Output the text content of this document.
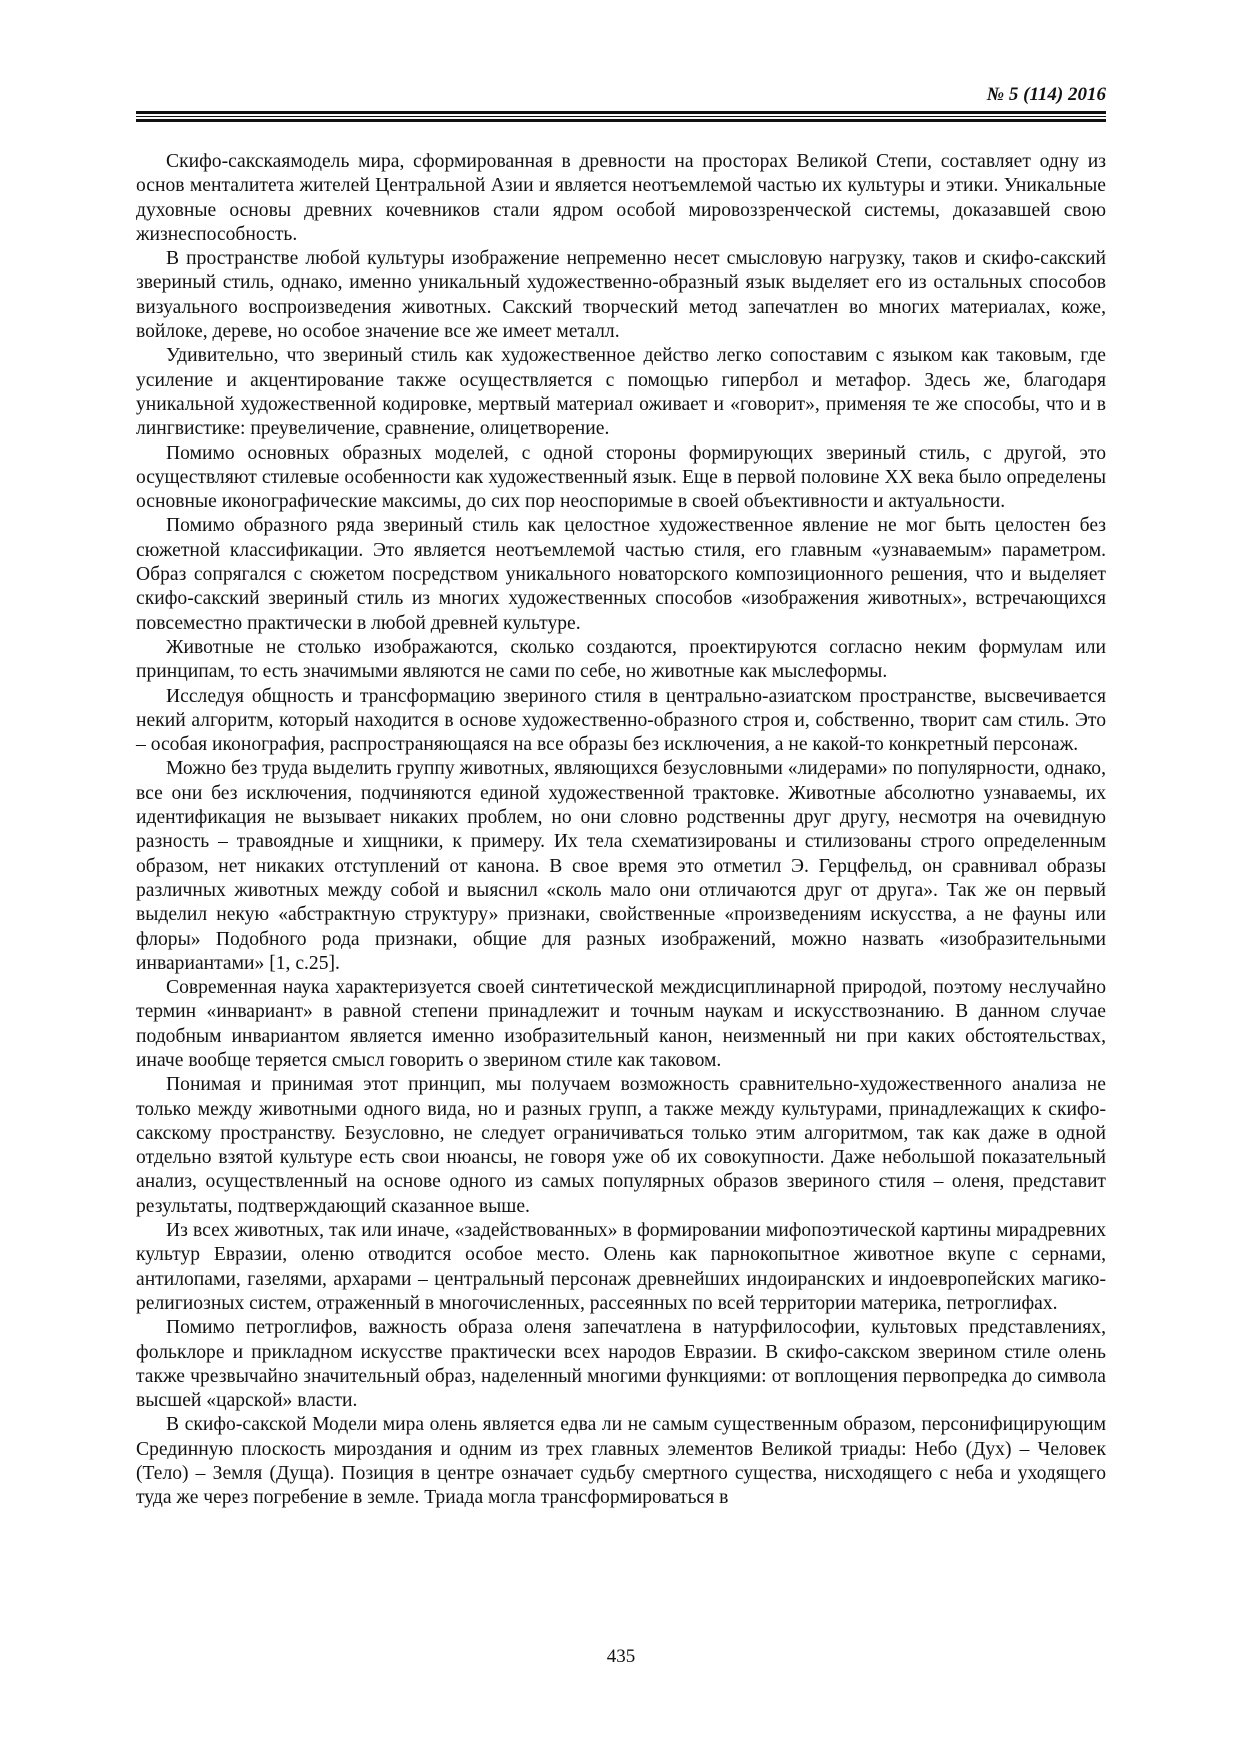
№ 5 (114) 2016

Скифо-сакскаямодель мира, сформированная в древности на просторах Великой Степи, составляет одну из основ менталитета жителей Центральной Азии и является неотъемлемой частью их культуры и этики. Уникальные духовные основы древних кочевников стали ядром особой мировоззренческой системы, доказавшей свою жизнеспособность.

В пространстве любой культуры изображение непременно несет смысловую нагрузку, таков и скифо-сакский звериный стиль, однако, именно уникальный художественно-образный язык выделяет его из остальных способов визуального воспроизведения животных. Сакский творческий метод запечатлен во многих материалах, коже, войлоке, дереве, но особое значение все же имеет металл.

Удивительно, что звериный стиль как художественное действо легко сопоставим с языком как таковым, где усиление и акцентирование также осуществляется с помощью гипербол и метафор. Здесь же, благодаря уникальной художественной кодировке, мертвый материал оживает и «говорит», применяя те же способы, что и в лингвистике: преувеличение, сравнение, олицетворение.

Помимо основных образных моделей, с одной стороны формирующих звериный стиль, с другой, это осуществляют стилевые особенности как художественный язык. Еще в первой половине XX века было определены основные иконографические максимы, до сих пор неоспоримые в своей объективности и актуальности.

Помимо образного ряда звериный стиль как целостное художественное явление не мог быть целостен без сюжетной классификации. Это является неотъемлемой частью стиля, его главным «узнаваемым» параметром. Образ сопрягался с сюжетом посредством уникального новаторского композиционного решения, что и выделяет скифо-сакский звериный стиль из многих художественных способов «изображения животных», встречающихся повсеместно практически в любой древней культуре.

Животные не столько изображаются, сколько создаются, проектируются согласно неким формулам или принципам, то есть значимыми являются не сами по себе, но животные как мыслеформы.

Исследуя общность и трансформацию звериного стиля в центрально-азиатском пространстве, высвечивается некий алгоритм, который находится в основе художественно-образного строя и, собственно, творит сам стиль. Это – особая иконография, распространяющаяся на все образы без исключения, а не какой-то конкретный персонаж.

Можно без труда выделить группу животных, являющихся безусловными «лидерами» по популярности, однако, все они без исключения, подчиняются единой художественной трактовке. Животные абсолютно узнаваемы, их идентификация не вызывает никаких проблем, но они словно родственны друг другу, несмотря на очевидную разность – травоядные и хищники, к примеру. Их тела схематизированы и стилизованы строго определенным образом, нет никаких отступлений от канона. В свое время это отметил Э. Герцфельд, он сравнивал образы различных животных между собой и выяснил «сколь мало они отличаются друг от друга». Так же он первый выделил некую «абстрактную структуру» признаки, свойственные «произведениям искусства, а не фауны или флоры» Подобного рода признаки, общие для разных изображений, можно назвать «изобразительными инвариантами» [1, с.25].

Современная наука характеризуется своей синтетической междисциплинарной природой, поэтому неслучайно термин «инвариант» в равной степени принадлежит и точным наукам и искусствознанию. В данном случае подобным инвариантом является именно изобразительный канон, неизменный ни при каких обстоятельствах, иначе вообще теряется смысл говорить о зверином стиле как таковом.

Понимая и принимая этот принцип, мы получаем возможность сравнительно-художественного анализа не только между животными одного вида, но и разных групп, а также между культурами, принадлежащих к скифо-сакскому пространству. Безусловно, не следует ограничиваться только этим алгоритмом, так как даже в одной отдельно взятой культуре есть свои нюансы, не говоря уже об их совокупности. Даже небольшой показательный анализ, осуществленный на основе одного из самых популярных образов звериного стиля – оленя, представит результаты, подтверждающий сказанное выше.

Из всех животных, так или иначе, «задействованных» в формировании мифопоэтической картины мирадревних культур Евразии, оленю отводится особое место. Олень как парнокопытное животное вкупе с сернами, антилопами, газелями, архарами – центральный персонаж древнейших индоиранских и индоевропейских магико-религиозных систем, отраженный в многочисленных, рассеянных по всей территории материка, петроглифах.

Помимо петроглифов, важность образа оленя запечатлена в натурфилософии, культовых представлениях, фольклоре и прикладном искусстве практически всех народов Евразии. В скифо-сакском зверином стиле олень также чрезвычайно значительный образ, наделенный многими функциями: от воплощения первопредка до символа высшей «царской» власти.

В скифо-сакской Модели мира олень является едва ли не самым существенным образом, персонифицирующим Срединную плоскость мироздания и одним из трех главных элементов Великой триады: Небо (Дух) – Человек (Тело) – Земля (Дуща). Позиция в центре означает судьбу смертного существа, нисходящего с неба и уходящего туда же через погребение в земле. Триада могла трансформироваться в

435
